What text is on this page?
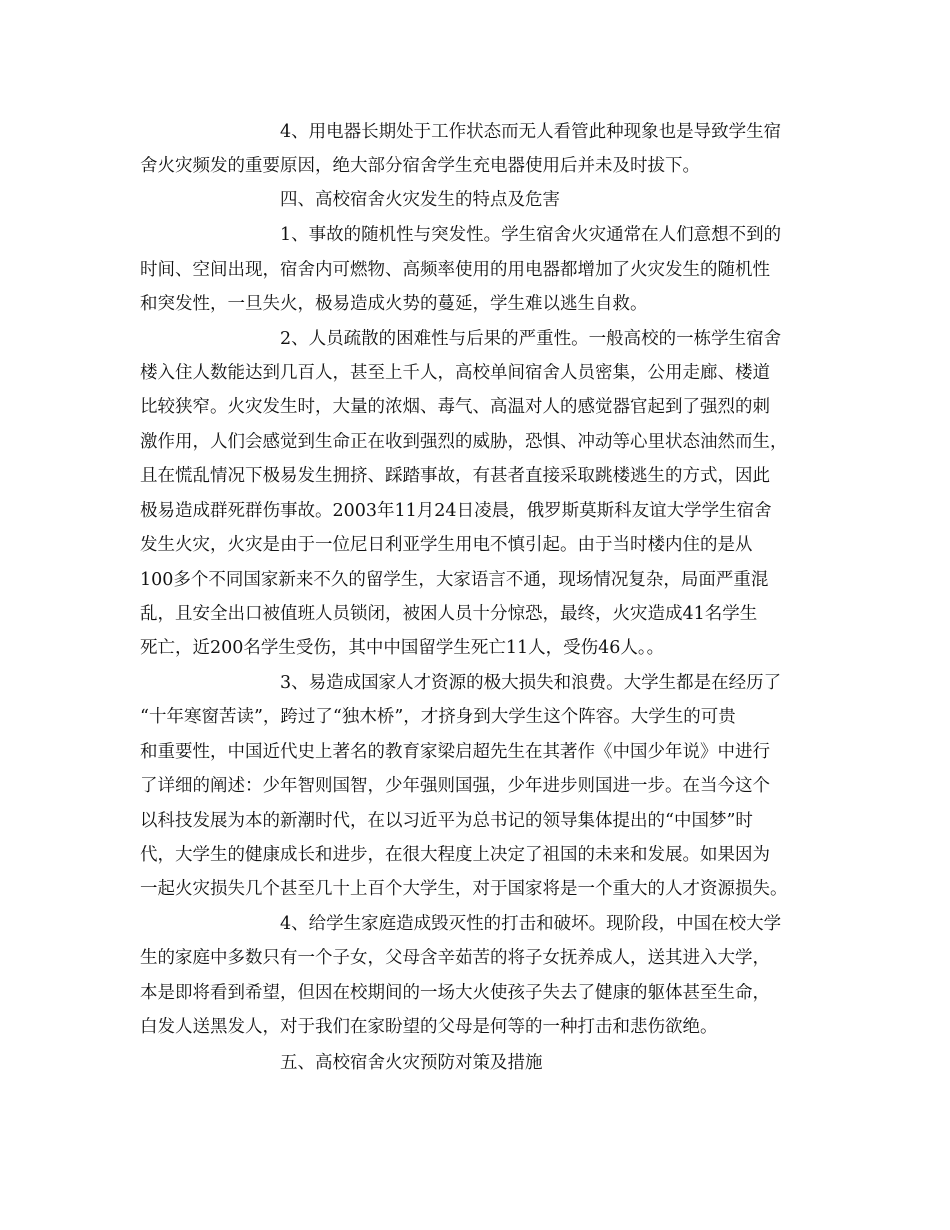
4、用电器长期处于工作状态而无人看管此种现象也是导致学生宿
舍火灾频发的重要原因，绝大部分宿舍学生充电器使用后并未及时拔下。
四、高校宿舍火灾发生的特点及危害
1、事故的随机性与突发性。学生宿舍火灾通常在人们意想不到的
时间、空间出现，宿舍内可燃物、高频率使用的用电器都增加了火灾发生的随机性
和突发性，一旦失火，极易造成火势的蔓延，学生难以逃生自救。
2、人员疏散的困难性与后果的严重性。一般高校的一栋学生宿舍
楼入住人数能达到几百人，甚至上千人，高校单间宿舍人员密集，公用走廊、楼道
比较狭窄。火灾发生时，大量的浓烟、毒气、高温对人的感觉器官起到了强烈的刺
激作用，人们会感觉到生命正在收到强烈的威胁，恐惧、冲动等心里状态油然而生，
且在慌乱情况下极易发生拥挤、踩踏事故，有甚者直接采取跳楼逃生的方式，因此
极易造成群死群伤事故。2003年11月24日凌晨，俄罗斯莫斯科友谊大学学生宿舍
发生火灾，火灾是由于一位尼日利亚学生用电不慎引起。由于当时楼内住的是从
100多个不同国家新来不久的留学生，大家语言不通，现场情况复杂，局面严重混
乱，且安全出口被值班人员锁闭，被困人员十分惊恐，最终，火灾造成41名学生
死亡，近200名学生受伤，其中中国留学生死亡11人，受伤46人。。
3、易造成国家人才资源的极大损失和浪费。大学生都是在经历了
“十年寒窗苦读”，跨过了“独木桥”，才挤身到大学生这个阵容。大学生的可贵
和重要性，中国近代史上著名的教育家梁启超先生在其著作《中国少年说》中进行
了详细的阐述：少年智则国智，少年强则国强，少年进步则国进一步。在当今这个
以科技发展为本的新潮时代，在以习近平为总书记的领导集体提出的“中国梦”时
代，大学生的健康成长和进步，在很大程度上决定了祖国的未来和发展。如果因为
一起火灾损失几个甚至几十上百个大学生，对于国家将是一个重大的人才资源损失。
4、给学生家庭造成毁灭性的打击和破坏。现阶段，中国在校大学
生的家庭中多数只有一个子女，父母含辛茹苦的将子女抚养成人，送其进入大学，
本是即将看到希望，但因在校期间的一场大火使孩子失去了健康的躯体甚至生命，
白发人送黑发人，对于我们在家盼望的父母是何等的一种打击和悲伤欲绝。
五、高校宿舍火灾预防对策及措施
